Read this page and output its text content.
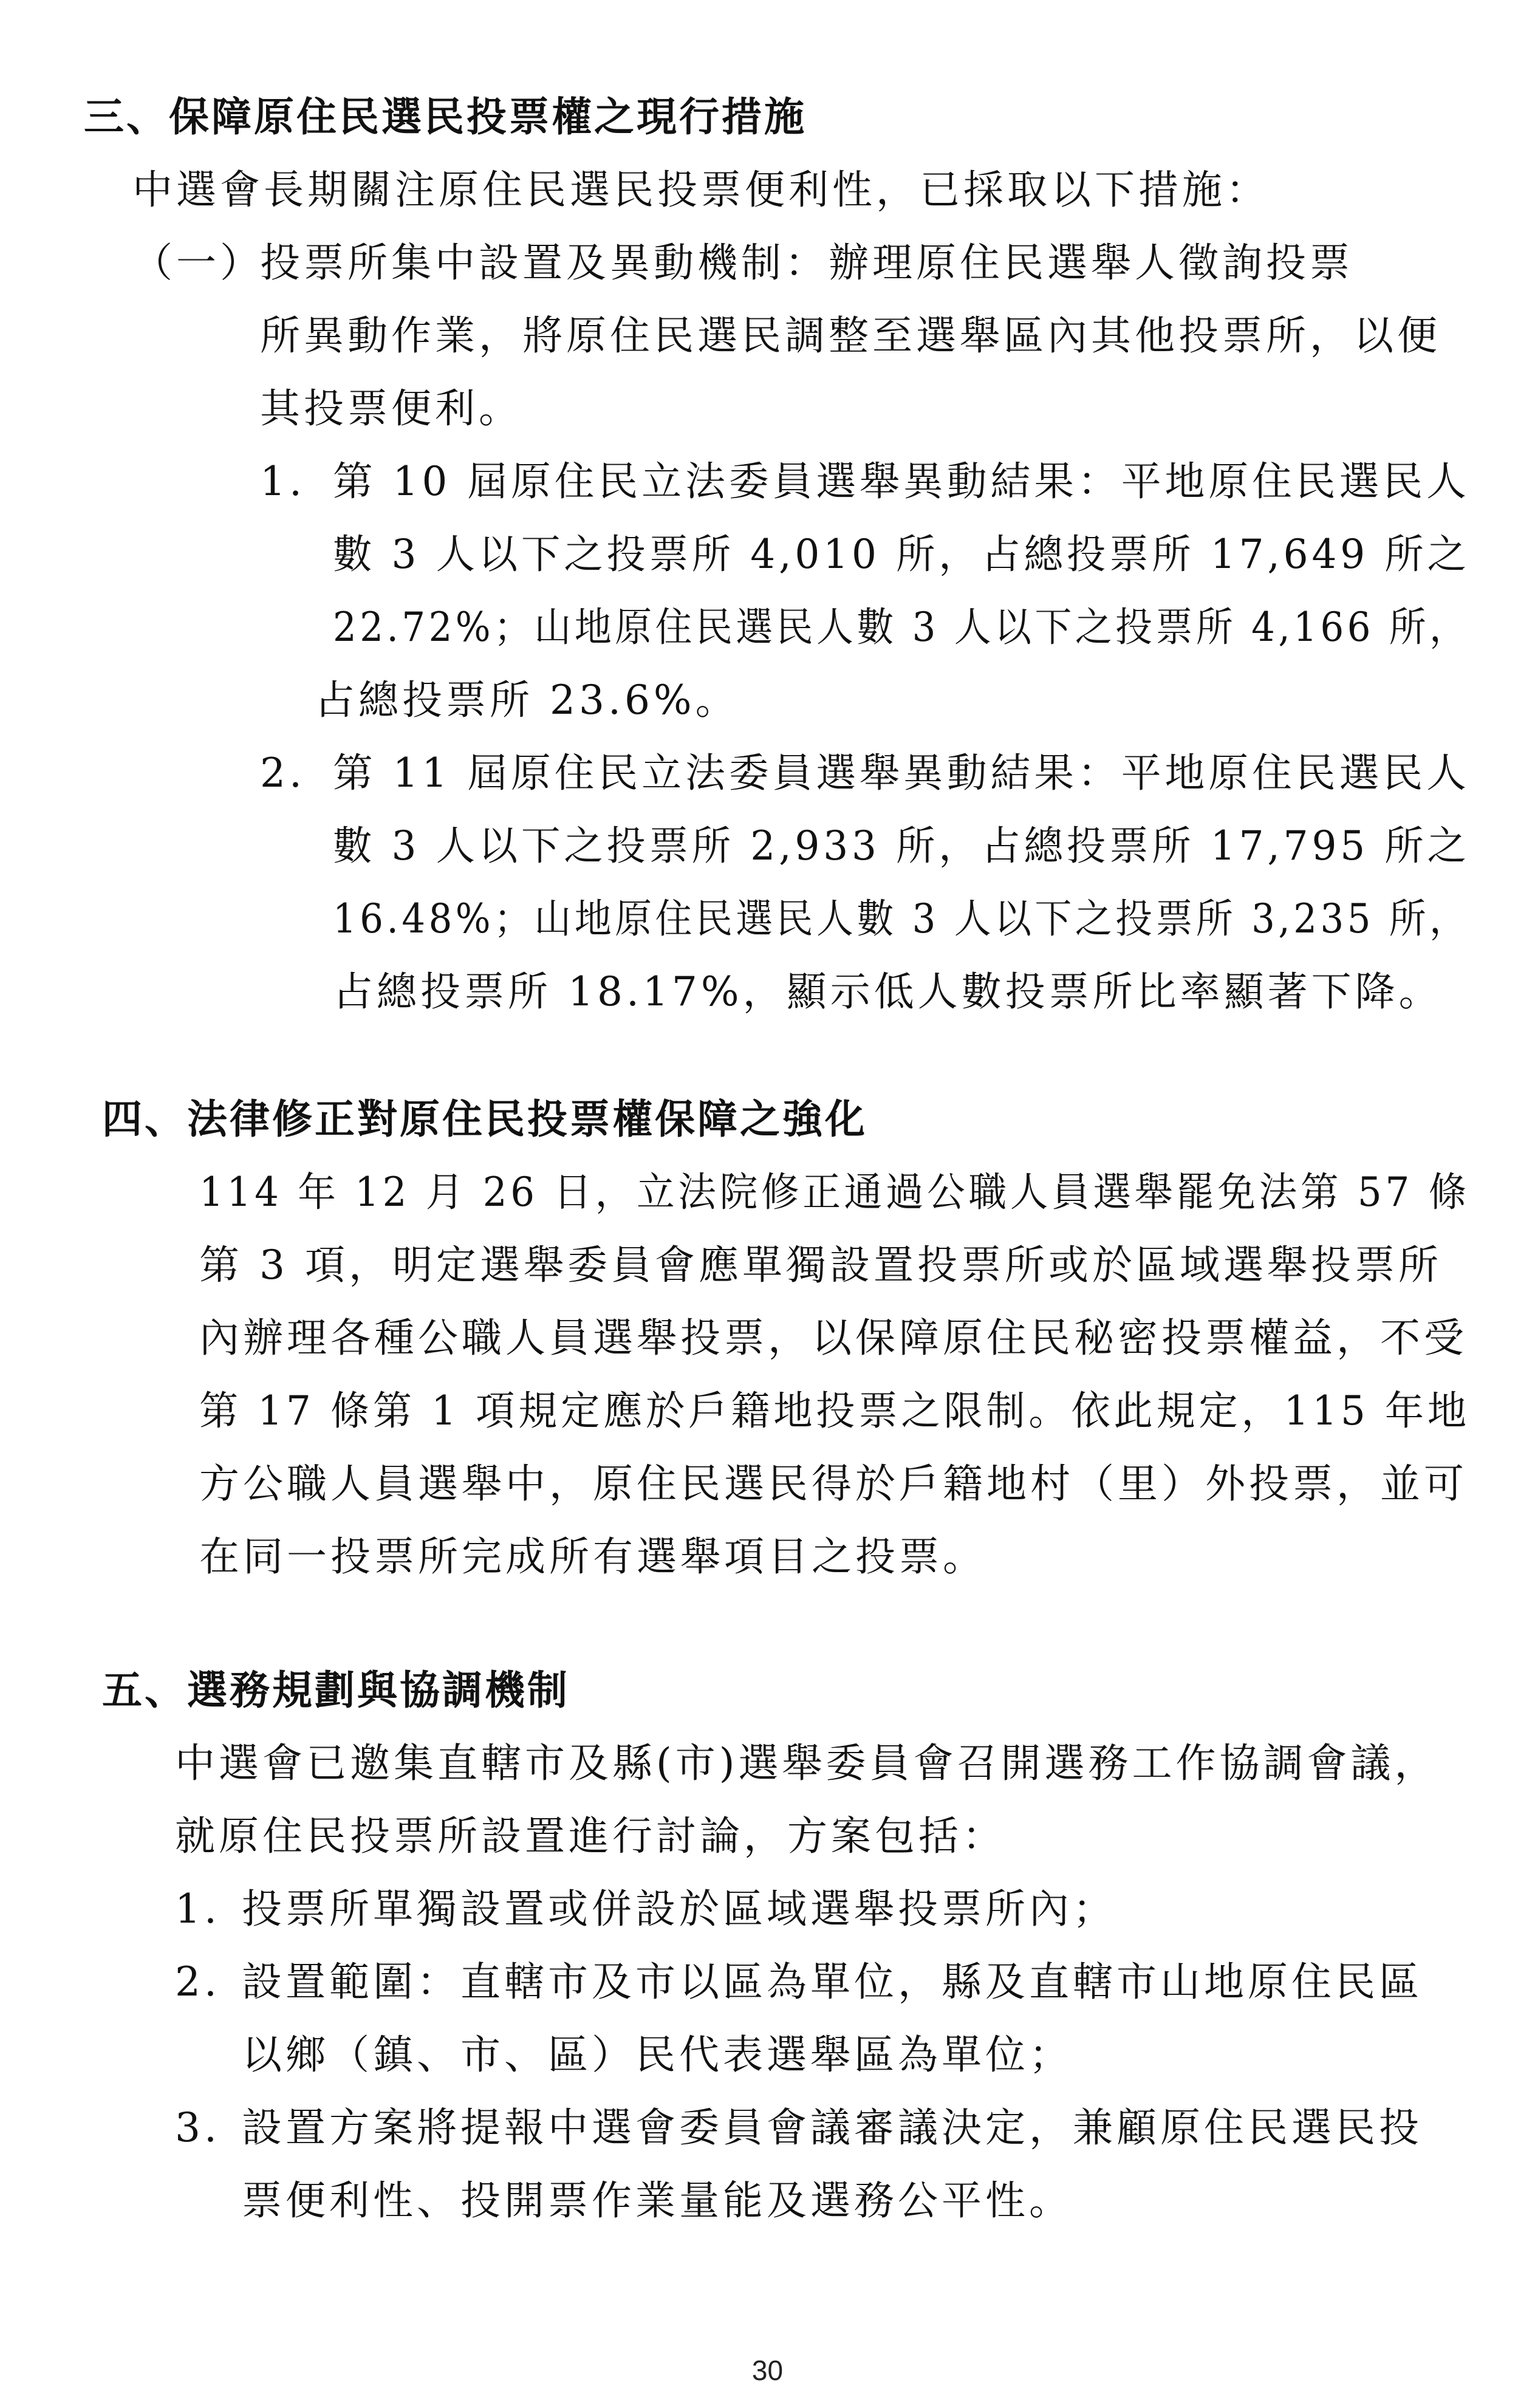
三、保障原住民選民投票權之現行措施
中選會長期關注原住民選民投票便利性，已採取以下措施：
（一）
投票所集中設置及異動機制：辦理原住民選舉人徵詢投票
所異動作業，將原住民選民調整至選舉區內其他投票所，以便
其投票便利。
1. 第 10 屆原住民立法委員選舉異動結果：平地原住民選民人
數 3 人以下之投票所 4,010 所，占總投票所 17,649 所之
22.72%；山地原住民選民人數 3 人以下之投票所 4,166 所，
占總投票所 23.6%。
2. 第 11 屆原住民立法委員選舉異動結果：平地原住民選民人
數 3 人以下之投票所 2,933 所，占總投票所 17,795 所之
16.48%；山地原住民選民人數 3 人以下之投票所 3,235 所，
占總投票所 18.17%，顯示低人數投票所比率顯著下降。
四、法律修正對原住民投票權保障之強化
114 年 12 月 26 日，立法院修正通過公職人員選舉罷免法第 57 條
第 3 項，明定選舉委員會應單獨設置投票所或於區域選舉投票所
內辦理各種公職人員選舉投票，以保障原住民秘密投票權益，不受
第 17 條第 1 項規定應於戶籍地投票之限制。依此規定，115 年地
方公職人員選舉中，原住民選民得於戶籍地村（里）外投票，並可
在同一投票所完成所有選舉項目之投票。
五、選務規劃與協調機制
中選會已邀集直轄市及縣(市)選舉委員會召開選務工作協調會議，
就原住民投票所設置進行討論，方案包括：
1. 投票所單獨設置或併設於區域選舉投票所內；
2. 設置範圍：直轄市及市以區為單位，縣及直轄市山地原住民區
以鄉（鎮、市、區）民代表選舉區為單位；
3. 設置方案將提報中選會委員會議審議決定，兼顧原住民選民投
票便利性、投開票作業量能及選務公平性。
30
